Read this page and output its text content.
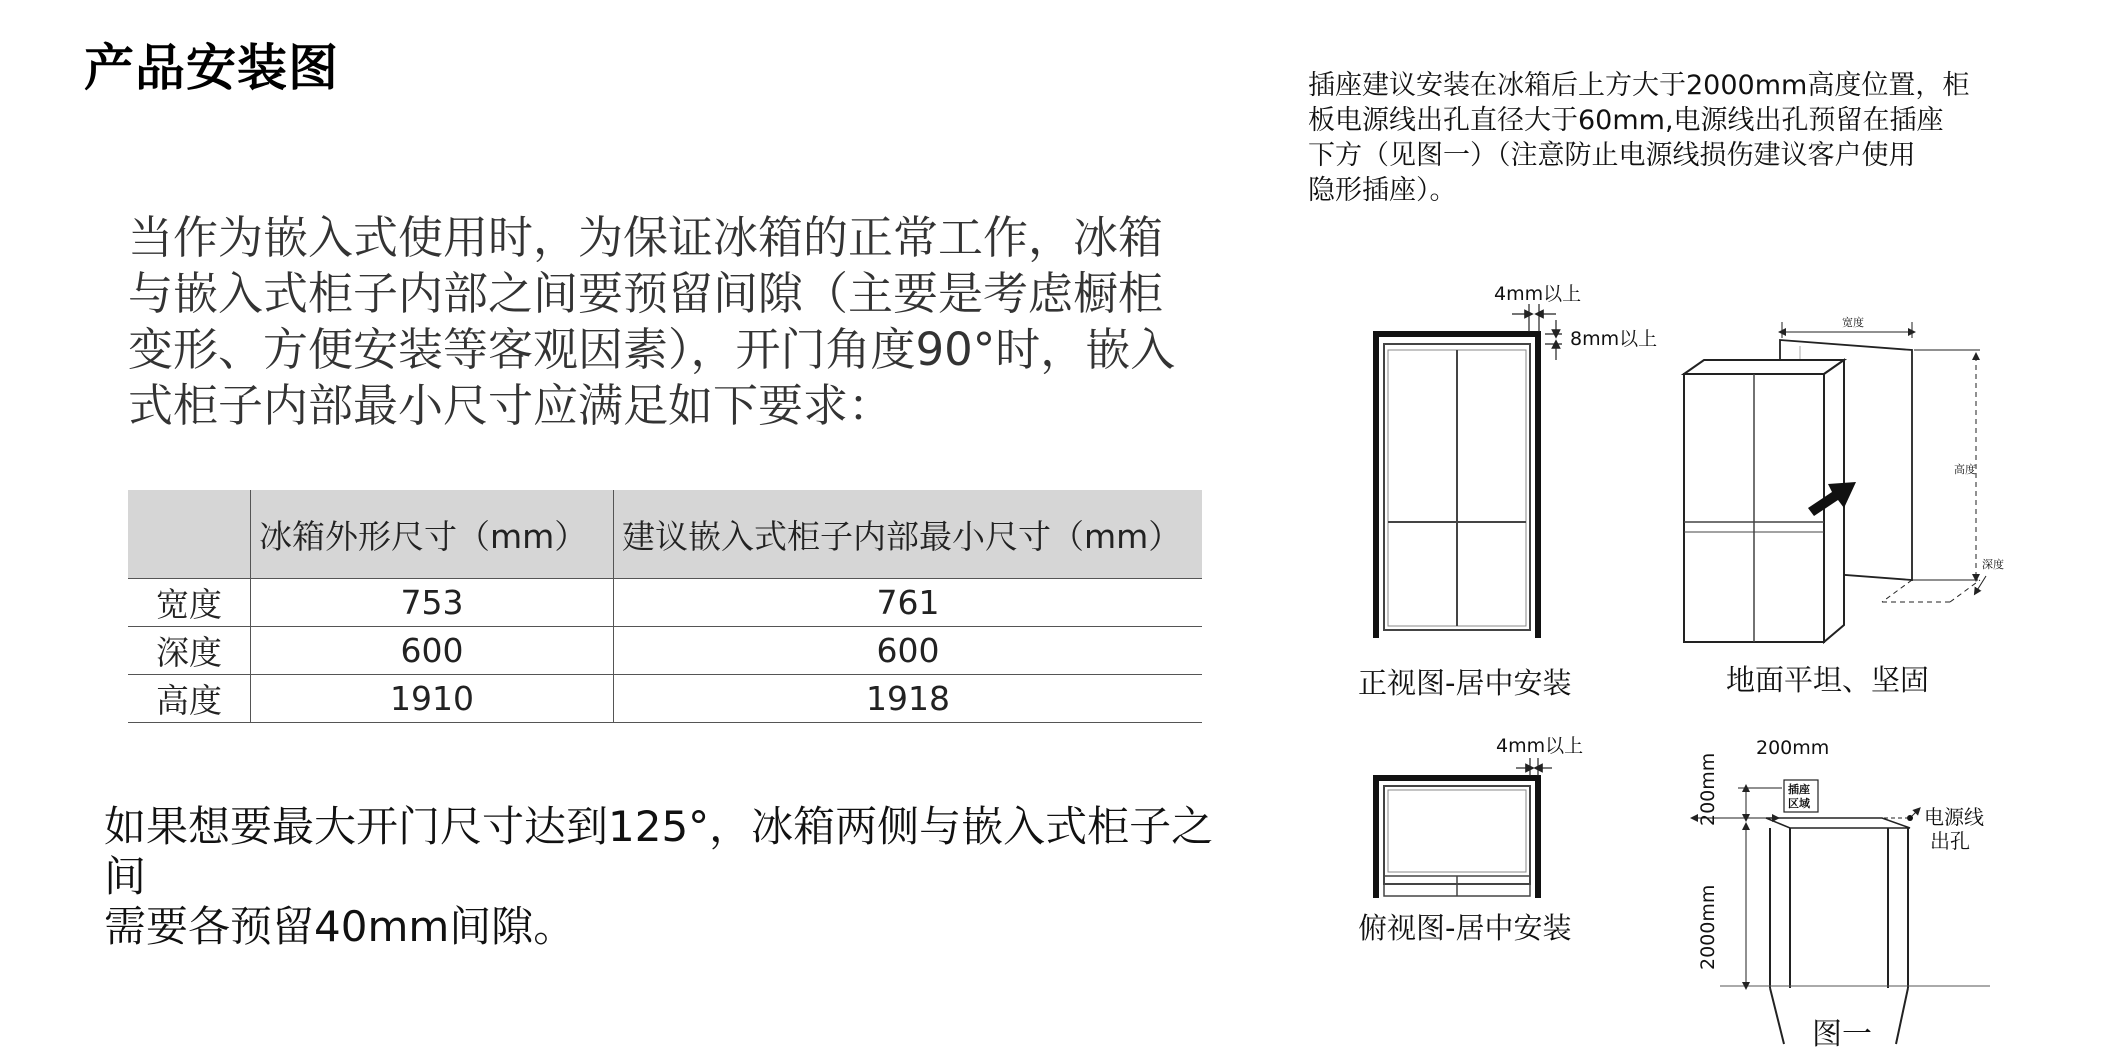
产品安装图
当作为嵌入式使用时，为保证冰箱的正常工作，冰箱
与嵌入式柜子内部之间要预留间隙（主要是考虑橱柜
变形、方便安装等客观因素），开门角度90°时，嵌入
式柜子内部最小尺寸应满足如下要求：
	冰箱外形尺寸（mm）	建议嵌入式柜子内部最小尺寸（mm）
宽度	753	761
深度	600	600
高度	1910	1918
如果想要最大开门尺寸达到125°，冰箱两侧与嵌入式柜子之间
需要各预留40mm间隙。
插座建议安装在冰箱后上方大于2000mm高度位置，柜
板电源线出孔直径大于60mm,电源线出孔预留在插座
下方（见图一）（注意防止电源线损伤建议客户使用
隐形插座）。
4mm以上
8mm以上
正视图-居中安装
宽度
高度
深度
地面平坦、坚固
4mm以上
俯视图-居中安装
插座
区域
200mm
200mm
2000mm
电源线
出孔
图一
